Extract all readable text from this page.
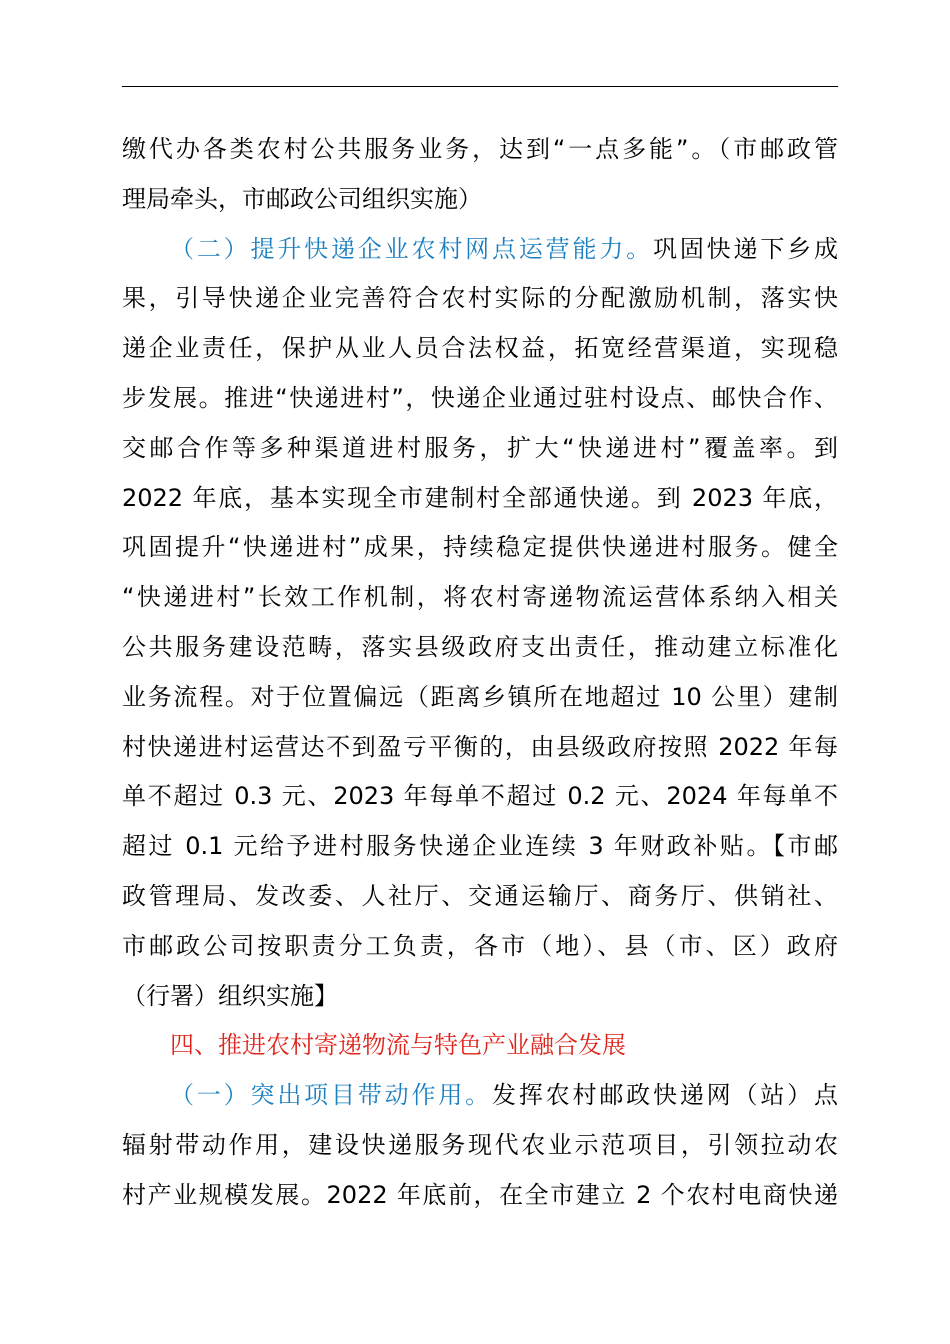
缴代办各类农村公共服务业务，达到“一点多能”。（市邮政管
理局牵头，市邮政公司组织实施）
（二）提升快递企业农村网点运营能力。巩固快递下乡成
果，引导快递企业完善符合农村实际的分配激励机制，落实快
递企业责任，保护从业人员合法权益，拓宽经营渠道，实现稳
步发展。推进“快递进村”，快递企业通过驻村设点、邮快合作、
交邮合作等多种渠道进村服务，扩大“快递进村”覆盖率。到
2022 年底，基本实现全市建制村全部通快递。到 2023 年底，
巩固提升“快递进村”成果，持续稳定提供快递进村服务。健全
“快递进村”长效工作机制，将农村寄递物流运营体系纳入相关
公共服务建设范畴，落实县级政府支出责任，推动建立标准化
业务流程。对于位置偏远（距离乡镇所在地超过 10 公里）建制
村快递进村运营达不到盈亏平衡的，由县级政府按照 2022 年每
单不超过 0.3 元、2023 年每单不超过 0.2 元、2024 年每单不
超过 0.1 元给予进村服务快递企业连续 3 年财政补贴。【市邮
政管理局、发改委、人社厅、交通运输厅、商务厅、供销社、
市邮政公司按职责分工负责，各市（地）、县（市、区）政府
（行署）组织实施】
四、推进农村寄递物流与特色产业融合发展
（一）突出项目带动作用。发挥农村邮政快递网（站）点
辐射带动作用，建设快递服务现代农业示范项目，引领拉动农
村产业规模发展。2022 年底前，在全市建立 2 个农村电商快递
